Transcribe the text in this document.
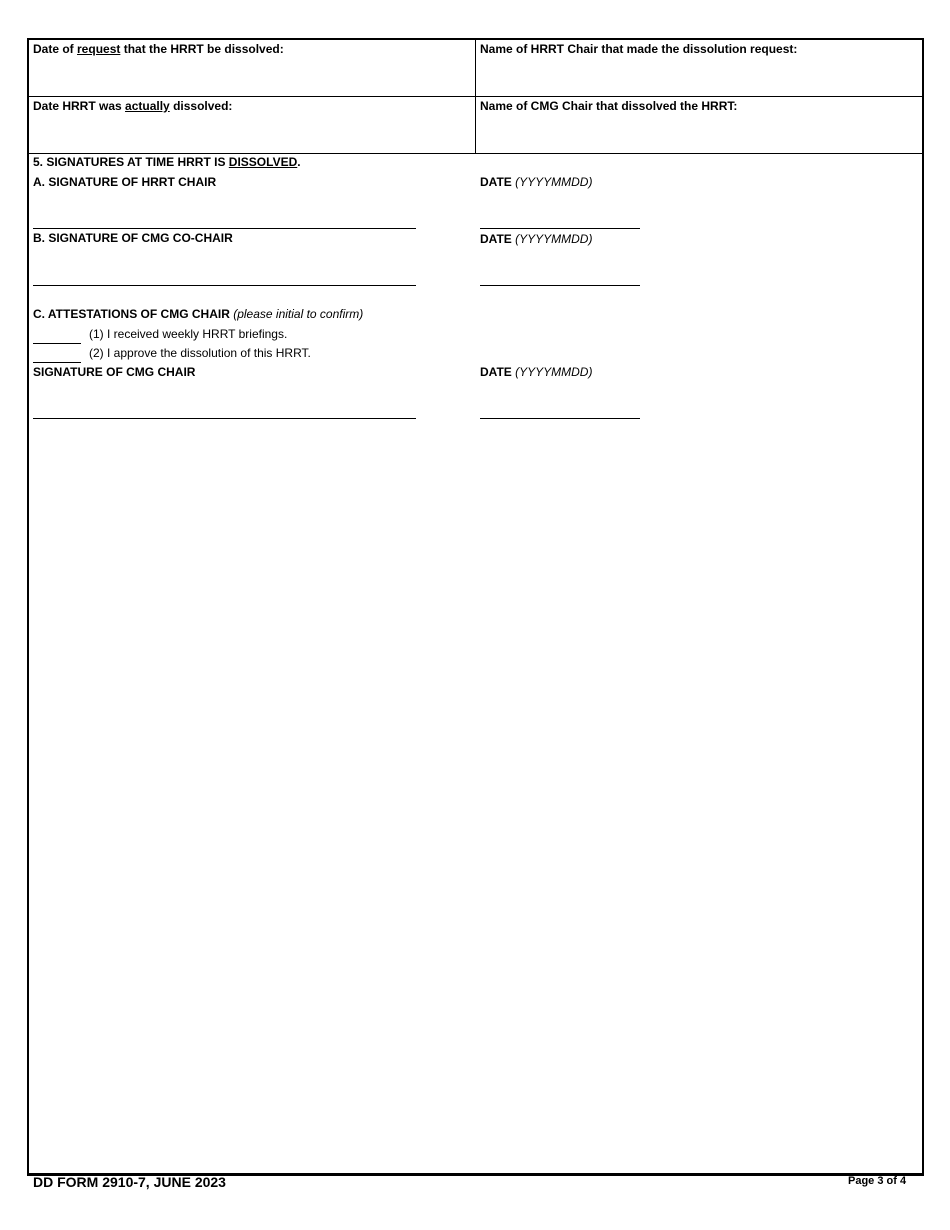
Date of request that the HRRT be dissolved:	Name of HRRT Chair that made the dissolution request:
Date HRRT was actually dissolved:	Name of CMG Chair that dissolved the HRRT:
5. SIGNATURES AT TIME HRRT IS DISSOLVED.
A. SIGNATURE OF HRRT CHAIR	DATE (YYYYMMDD)
B. SIGNATURE OF CMG CO-CHAIR	DATE (YYYYMMDD)
C. ATTESTATIONS OF CMG CHAIR (please initial to confirm)
(1) I received weekly HRRT briefings.
(2) I approve the dissolution of this HRRT.
SIGNATURE OF CMG CHAIR	DATE (YYYYMMDD)
DD FORM 2910-7, JUNE 2023	Page 3 of 4
